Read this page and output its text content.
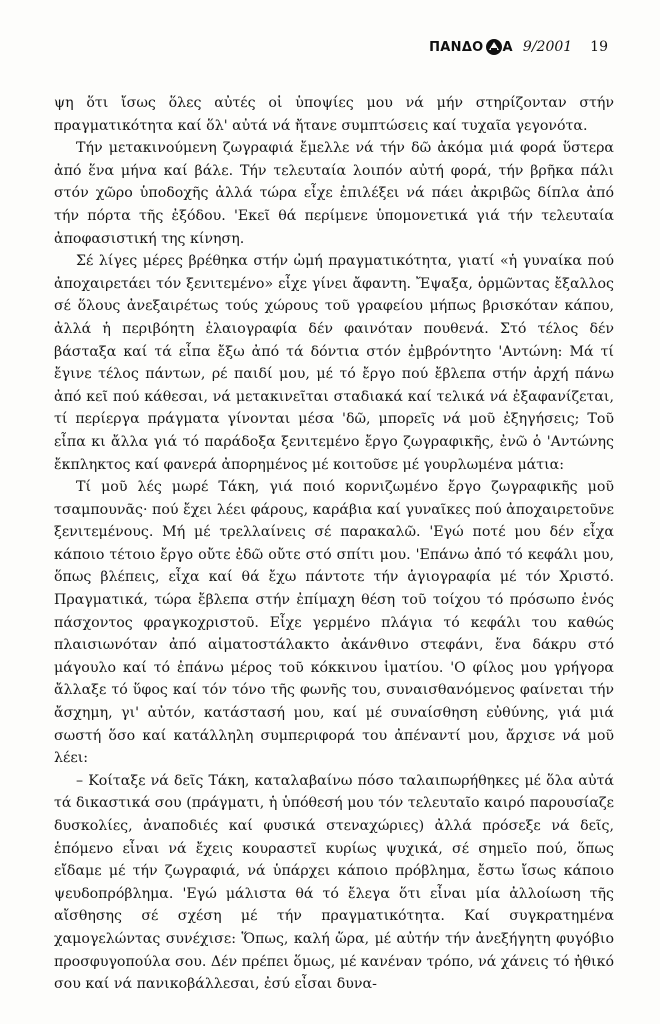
ΠΑΝΔΟ Α 9/2001 19

ψη ὅτι ἴσως ὅλες αὐτές οἱ ὑποψίες μου νά μήν στηρίζονταν στήν πραγματικότητα καί ὅλ' αὐτά νά ἤτανε συμπτώσεις καί τυχαῖα γεγονότα.

Τήν μετακινούμενη ζωγραφιά ἔμελλε νά τήν δῶ ἀκόμα μιά φορά ὕστερα ἀπό ἕνα μήνα καί βάλε. Τήν τελευταία λοιπόν αὐτή φορά, τήν βρῆκα πάλι στόν χῶρο ὑποδοχῆς ἀλλά τώρα εἶχε ἐπιλέξει νά πάει ἀκριβῶς δίπλα ἀπό τήν πόρτα τῆς ἐξόδου. 'Εκεῖ θά περίμενε ὑπομονετικά γιά τήν τελευταία ἀποφασιστική της κίνηση.

Σέ λίγες μέρες βρέθηκα στήν ὠμή πραγματικότητα, γιατί «ἡ γυναίκα πού ἀποχαιρετάει τόν ξενιτεμένο» εἶχε γίνει ἄφαντη. Ἔψαξα, ὁρμῶντας ἔξαλλος σέ ὅλους ἀνεξαιρέτως τούς χώρους τοῦ γραφείου μήπως βρισκόταν κάπου, ἀλλά ἡ περιβόητη ἐλαιογραφία δέν φαινόταν πουθενά. Στό τέλος δέν βάσταξα καί τά εἶπα ἔξω ἀπό τά δόντια στόν ἐμβρόντητο 'Αντώνη: Μά τί ἔγινε τέλος πάντων, ρέ παιδί μου, μέ τό ἔργο πού ἔβλεπα στήν ἀρχή πάνω ἀπό κεῖ πού κάθεσαι, νά μετακινεῖται σταδιακά καί τελικά νά ἐξαφανίζεται, τί περίεργα πράγματα γίνονται μέσα 'δῶ, μπορεῖς νά μοῦ ἐξηγήσεις; Τοῦ εἶπα κι ἄλλα γιά τό παράδοξα ξενιτεμένο ἔργο ζωγραφικῆς, ἐνῶ ὁ 'Αντώνης ἔκπληκτος καί φανερά ἀπορημένος μέ κοιτοῦσε μέ γουρλωμένα μάτια:

Τί μοῦ λές μωρέ Τάκη, γιά ποιό κορνιζωμένο ἔργο ζωγραφικῆς μοῦ τσαμπουνᾶς· πού ἔχει λέει φάρους, καράβια καί γυναῖκες πού ἀποχαιρετοῦνε ξενιτεμένους. Μή μέ τρελλαίνεις σέ παρακαλῶ. 'Εγώ ποτέ μου δέν εἶχα κάποιο τέτοιο ἔργο οὔτε ἐδῶ οὔτε στό σπίτι μου. 'Επάνω ἀπό τό κεφάλι μου, ὅπως βλέπεις, εἶχα καί θά ἔχω πάντοτε τήν ἁγιογραφία μέ τόν Χριστό. Πραγματικά, τώρα ἔβλεπα στήν ἐπίμαχη θέση τοῦ τοίχου τό πρόσωπο ἑνός πάσχοντος φραγκοχριστοῦ. Εἶχε γερμένο πλάγια τό κεφάλι του καθώς πλαισιωνόταν ἀπό αἱματοστάλακτο ἀκάνθινο στεφάνι, ἕνα δάκρυ στό μάγουλο καί τό ἐπάνω μέρος τοῦ κόκκινου ἱματίου. 'Ο φίλος μου γρήγορα ἄλλαξε τό ὕφος καί τόν τόνο τῆς φωνῆς του, συναισθανόμενος φαίνεται τήν ἄσχημη, γι' αὐτόν, κατάστασή μου, καί μέ συναίσθηση εὐθύνης, γιά μιά σωστή ὅσο καί κατάλληλη συμπεριφορά του ἀπέναντί μου, ἄρχισε νά μοῦ λέει:

– Κοίταξε νά δεῖς Τάκη, καταλαβαίνω πόσο ταλαιπωρήθηκες μέ ὅλα αὐτά τά δικαστικά σου (πράγματι, ἡ ὑπόθεσή μου τόν τελευταῖο καιρό παρουσίαζε δυσκολίες, ἀναποδιές καί φυσικά στεναχώριες) ἀλλά πρόσεξε νά δεῖς, ἑπόμενο εἶναι νά ἔχεις κουραστεῖ κυρίως ψυχικά, σέ σημεῖο πού, ὅπως εἴδαμε μέ τήν ζωγραφιά, νά ὑπάρχει κάποιο πρόβλημα, ἔστω ἴσως κάποιο ψευδοπρόβλημα. 'Εγώ μάλιστα θά τό ἔλεγα ὅτι εἶναι μία ἀλλοίωση τῆς αἴσθησης σέ σχέση μέ τήν πραγματικότητα. Καί συγκρατημένα χαμογελώντας συνέχισε: Ὅπως, καλή ὥρα, μέ αὐτήν τήν ἀνεξήγητη φυγόβιο προσφυγοπούλα σου. Δέν πρέπει ὅμως, μέ κανέναν τρόπο, νά χάνεις τό ἠθικό σου καί νά πανικοβάλλεσαι, ἐσύ εἶσαι δυνα-
